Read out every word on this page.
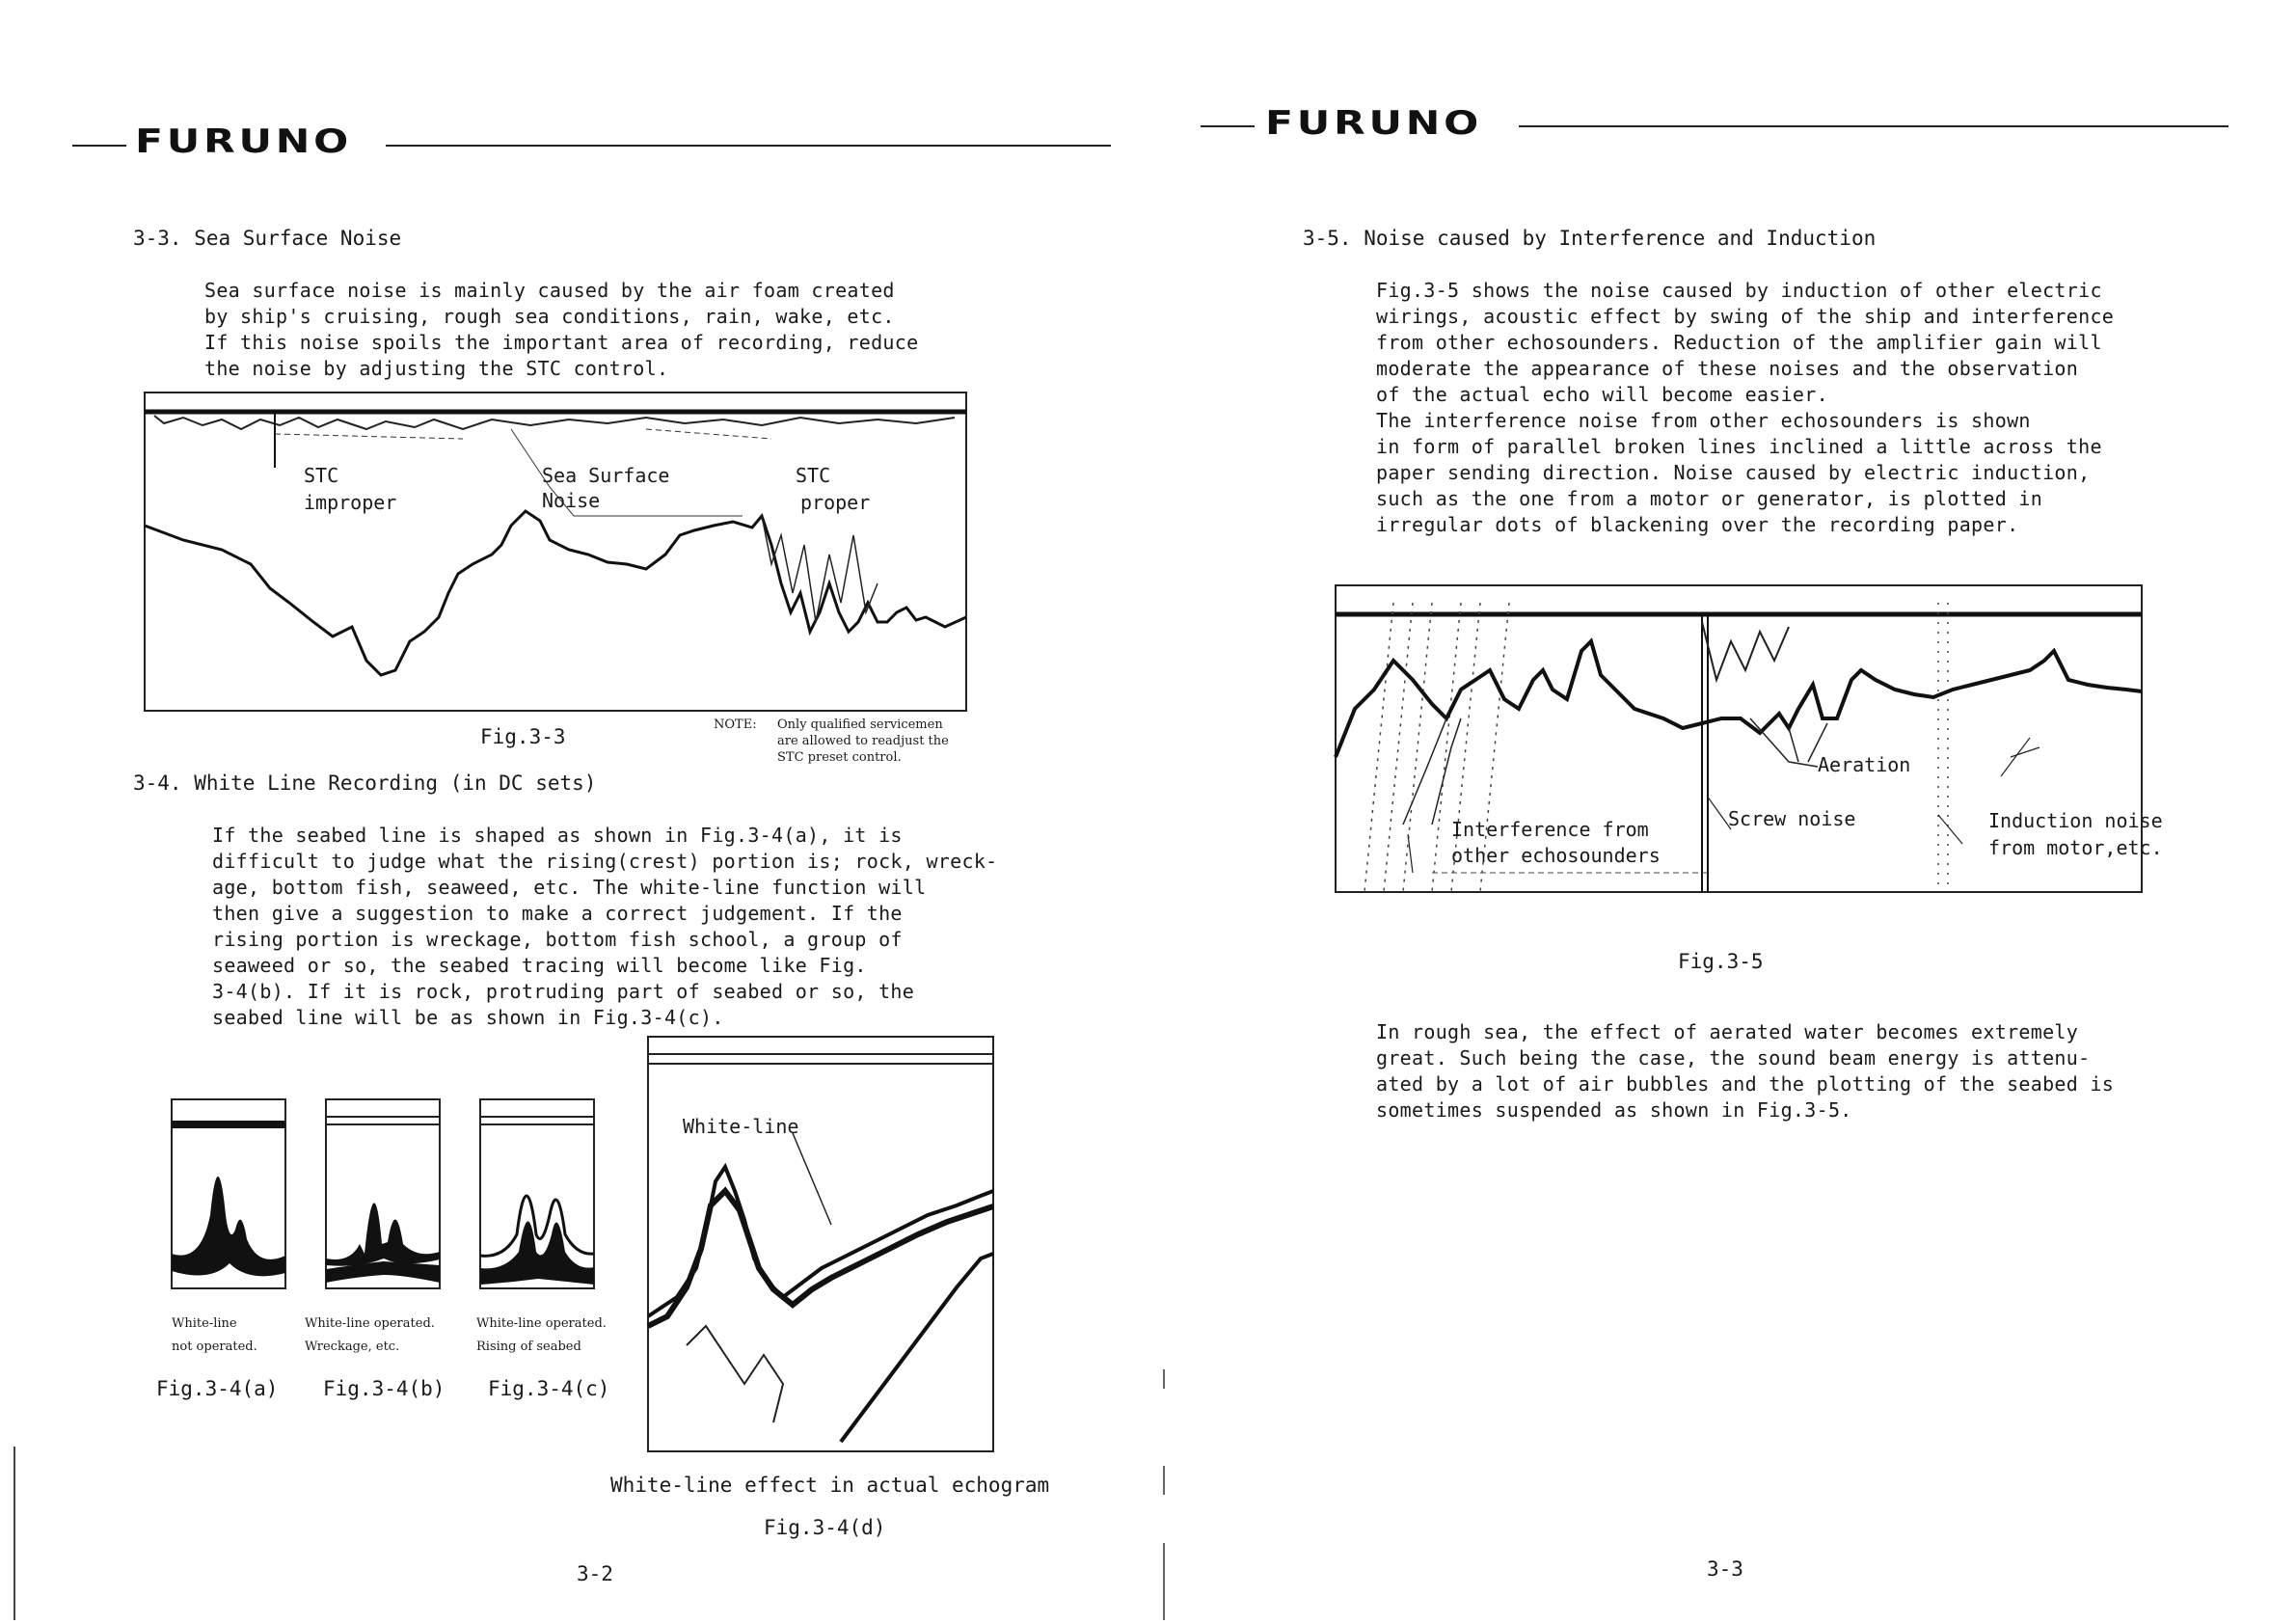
FURUNO
3-3. Sea Surface Noise
Sea surface noise is mainly caused by the air foam created
by ship's cruising, rough sea conditions, rain, wake, etc.
If this noise spoils the important area of recording, reduce
the noise by adjusting the STC control.
STC
improper
Sea Surface
Noise
STC
proper
Fig.3-3
NOTE: Only qualified servicemen
are allowed to readjust the
STC preset control.
3-4. White Line Recording (in DC sets)
If the seabed line is shaped as shown in Fig.3-4(a), it is
difficult to judge what the rising(crest) portion is; rock, wreck-
age, bottom fish, seaweed, etc. The white-line function will
then give a suggestion to make a correct judgement. If the
rising portion is wreckage, bottom fish school, a group of
seaweed or so, the seabed tracing will become like Fig.
3-4(b). If it is rock, protruding part of seabed or so, the
seabed line will be as shown in Fig.3-4(c).
White-line
not operated.
White-line operated.
Wreckage, etc.
White-line operated.
Rising of seabed
Fig.3-4(a) Fig.3-4(b) Fig.3-4(c)
White-line
White-line effect in actual echogram
Fig.3-4(d)
3-2
FURUNO
3-5. Noise caused by Interference and Induction
Fig.3-5 shows the noise caused by induction of other electric
wirings, acoustic effect by swing of the ship and interference
from other echosounders. Reduction of the amplifier gain will
moderate the appearance of these noises and the observation
of the actual echo will become easier.
The interference noise from other echosounders is shown
in form of parallel broken lines inclined a little across the
paper sending direction. Noise caused by electric induction,
such as the one from a motor or generator, is plotted in
irregular dots of blackening over the recording paper.
Aeration
Interference from
other echosounders
Screw noise	Induction noise
from motor,etc.
Fig.3-5
In rough sea, the effect of aerated water becomes extremely
great. Such being the case, the sound beam energy is attenu-
ated by a lot of air bubbles and the plotting of the seabed is
sometimes suspended as shown in Fig.3-5.
3-3
